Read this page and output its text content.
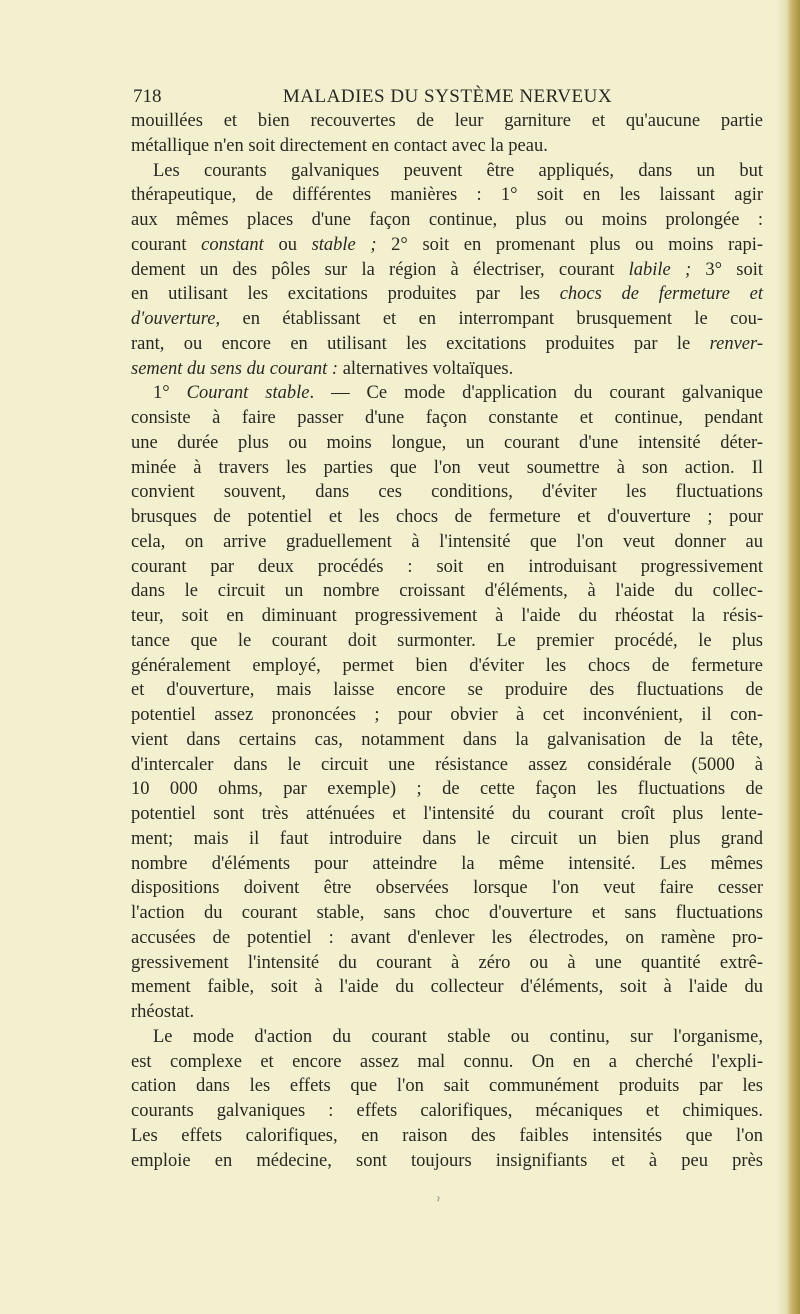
718	MALADIES DU SYSTÈME NERVEUX
mouillées et bien recouvertes de leur garniture et qu'aucune partie
métallique n'en soit directement en contact avec la peau.
Les courants galvaniques peuvent être appliqués, dans un but
thérapeutique, de différentes manières : 1° soit en les laissant agir
aux mêmes places d'une façon continue, plus ou moins prolongée :
courant constant ou stable ; 2° soit en promenant plus ou moins rapi-
dement un des pôles sur la région à électriser, courant labile ; 3° soit
en utilisant les excitations produites par les chocs de fermeture et
d'ouverture, en établissant et en interrompant brusquement le cou-
rant, ou encore en utilisant les excitations produites par le renver-
sement du sens du courant : alternatives voltaïques.
1° Courant stable. — Ce mode d'application du courant galvanique
consiste à faire passer d'une façon constante et continue, pendant
une durée plus ou moins longue, un courant d'une intensité déter-
minée à travers les parties que l'on veut soumettre à son action. Il
convient souvent, dans ces conditions, d'éviter les fluctuations
brusques de potentiel et les chocs de fermeture et d'ouverture ; pour
cela, on arrive graduellement à l'intensité que l'on veut donner au
courant par deux procédés : soit en introduisant progressivement
dans le circuit un nombre croissant d'éléments, à l'aide du collec-
teur, soit en diminuant progressivement à l'aide du rhéostat la résis-
tance que le courant doit surmonter. Le premier procédé, le plus
généralement employé, permet bien d'éviter les chocs de fermeture
et d'ouverture, mais laisse encore se produire des fluctuations de
potentiel assez prononcées ; pour obvier à cet inconvénient, il con-
vient dans certains cas, notamment dans la galvanisation de la tête,
d'intercaler dans le circuit une résistance assez considérale (5000 à
10 000 ohms, par exemple) ; de cette façon les fluctuations de
potentiel sont très atténuées et l'intensité du courant croît plus lente-
ment; mais il faut introduire dans le circuit un bien plus grand
nombre d'éléments pour atteindre la même intensité. Les mêmes
dispositions doivent être observées lorsque l'on veut faire cesser
l'action du courant stable, sans choc d'ouverture et sans fluctuations
accusées de potentiel : avant d'enlever les électrodes, on ramène pro-
gressivement l'intensité du courant à zéro ou à une quantité extrê-
mement faible, soit à l'aide du collecteur d'éléments, soit à l'aide du
rhéostat.
Le mode d'action du courant stable ou continu, sur l'organisme,
est complexe et encore assez mal connu. On en a cherché l'expli-
cation dans les effets que l'on sait communément produits par les
courants galvaniques : effets calorifiques, mécaniques et chimiques.
Les effets calorifiques, en raison des faibles intensités que l'on
emploie en médecine, sont toujours insignifiants et à peu près
ˀ
